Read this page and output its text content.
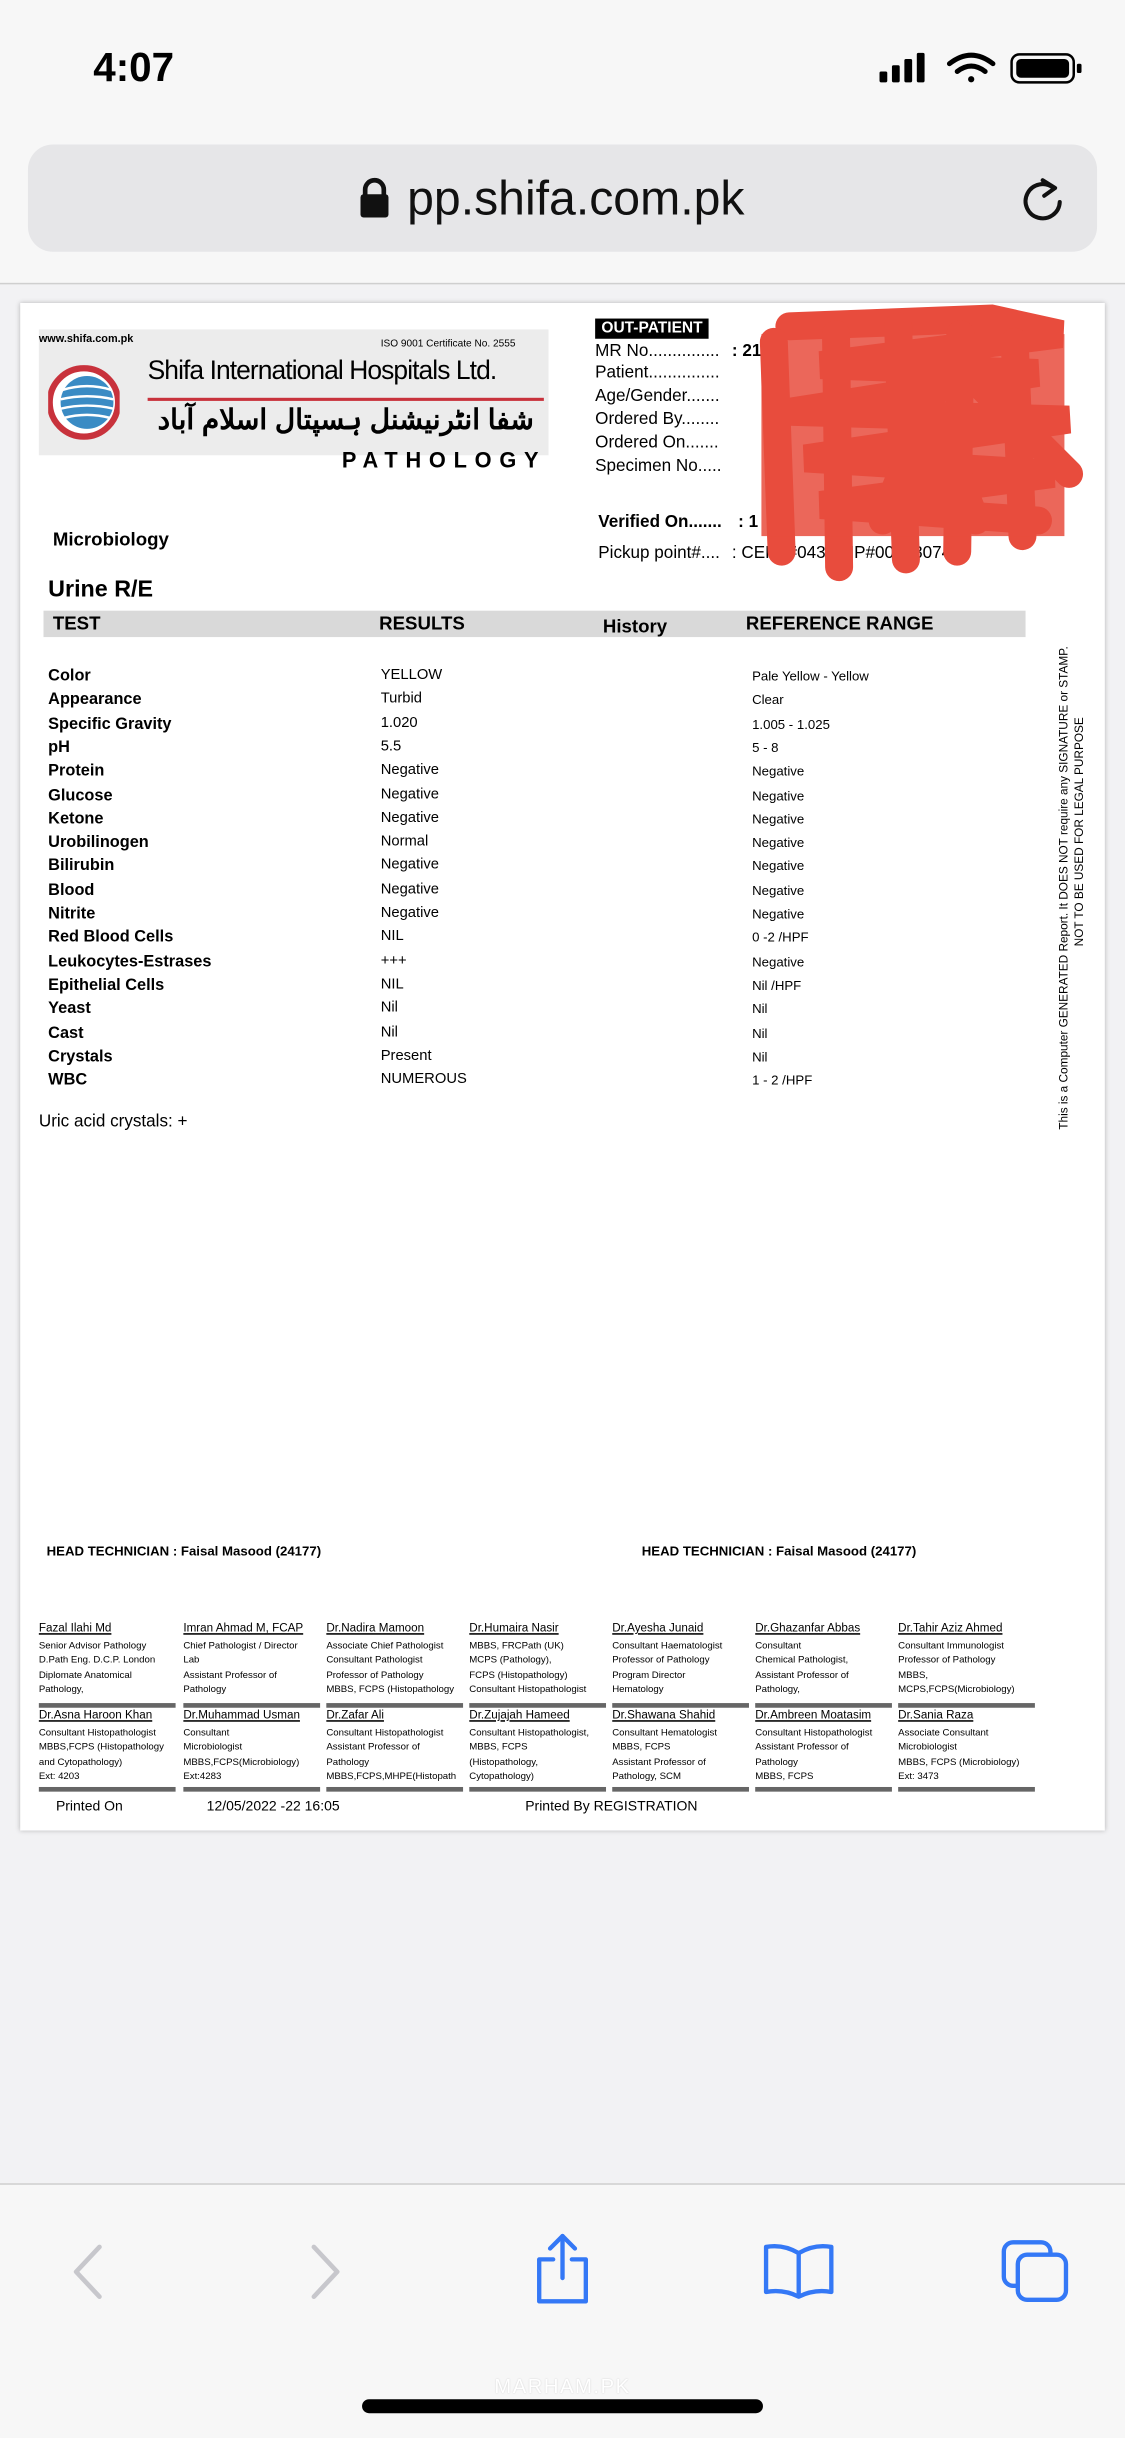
4:07
pp.shifa.com.pk
www.shifa.com.pk	ISO 9001 Certificate No. 2555
Shifa International Hospitals Ltd.
شفا انٹرنیشنل ہسپتال اسلام آباد
PATHOLOGY
OUT-PATIENT
MR No...............
Patient...............
Age/Gender.......
Ordered By........
Ordered On.......
Specimen No.....
: 21
Verified On....... : 1
Pickup point#.... : CERT#0434 MP#00678074
Microbiology
Urine R/E
TEST	RESULTS	History	REFERENCE RANGE
Color	YELLOW	Pale Yellow - Yellow
Appearance	Turbid	Clear
Specific Gravity	1.020	1.005 - 1.025
pH	5.5	5 - 8
Protein	Negative	Negative
Glucose	Negative	Negative
Ketone	Negative	Negative
Urobilinogen	Normal	Negative
Bilirubin	Negative	Negative
Blood	Negative	Negative
Nitrite	Negative	Negative
Red Blood Cells	NIL	0 -2 /HPF
Leukocytes-Estrases	+++	Negative
Epithelial Cells	NIL	Nil /HPF
Yeast	Nil	Nil
Cast	Nil	Nil
Crystals	Present	Nil
WBC	NUMEROUS	1 - 2 /HPF
Uric acid crystals: +	This is a Computer GENERATED Report. It DOES NOT require any SIGNATURE or STAMP. NOT TO BE USED FOR LEGAL PURPOSE
HEAD TECHNICIAN : Faisal Masood (24177)	HEAD TECHNICIAN : Faisal Masood (24177)
Fazal Ilahi Md
Senior Advisor Pathology
D.Path Eng. D.C.P. London
Diplomate Anatomical
Pathology,
Imran Ahmad M, FCAP
Chief Pathologist / Director
Lab
Assistant Professor of
Pathology
Dr.Nadira Mamoon
Associate Chief Pathologist
Consultant Pathologist
Professor of Pathology
MBBS, FCPS (Histopathology
Dr.Humaira Nasir
MBBS, FRCPath (UK)
MCPS (Pathology),
FCPS (Histopathology)
Consultant Histopathologist
Dr.Ayesha Junaid
Consultant Haematologist
Professor of Pathology
Program Director
Hematology
Dr.Ghazanfar Abbas
Consultant
Chemical Pathologist,
Assistant Professor of
Pathology,
Dr.Tahir Aziz Ahmed
Consultant Immunologist
Professor of Pathology
MBBS,
MCPS,FCPS(Microbiology)
Dr.Asna Haroon Khan
Consultant Histopathologist
MBBS,FCPS (Histopathology
and Cytopathology)
Ext: 4203
Dr.Muhammad Usman
Consultant
Microbiologist
MBBS,FCPS(Microbiology)
Ext:4283
Dr.Zafar Ali
Consultant Histopathologist
Assistant Professor of
Pathology
MBBS,FCPS,MHPE(Histopath
Dr.Zujajah Hameed
Consultant Histopathologist,
MBBS, FCPS
(Histopathology,
Cytopathology)
Dr.Shawana Shahid
Consultant Hematologist
MBBS, FCPS
Assistant Professor of
Pathology, SCM
Dr.Ambreen Moatasim
Consultant Histopathologist
Assistant Professor of
Pathology
MBBS, FCPS
Dr.Sania Raza
Associate Consultant
Microbiologist
MBBS, FCPS (Microbiology)
Ext: 3473
Printed On	12/05/2022 -22 16:05	Printed By REGISTRATION
MARHAM.PK
